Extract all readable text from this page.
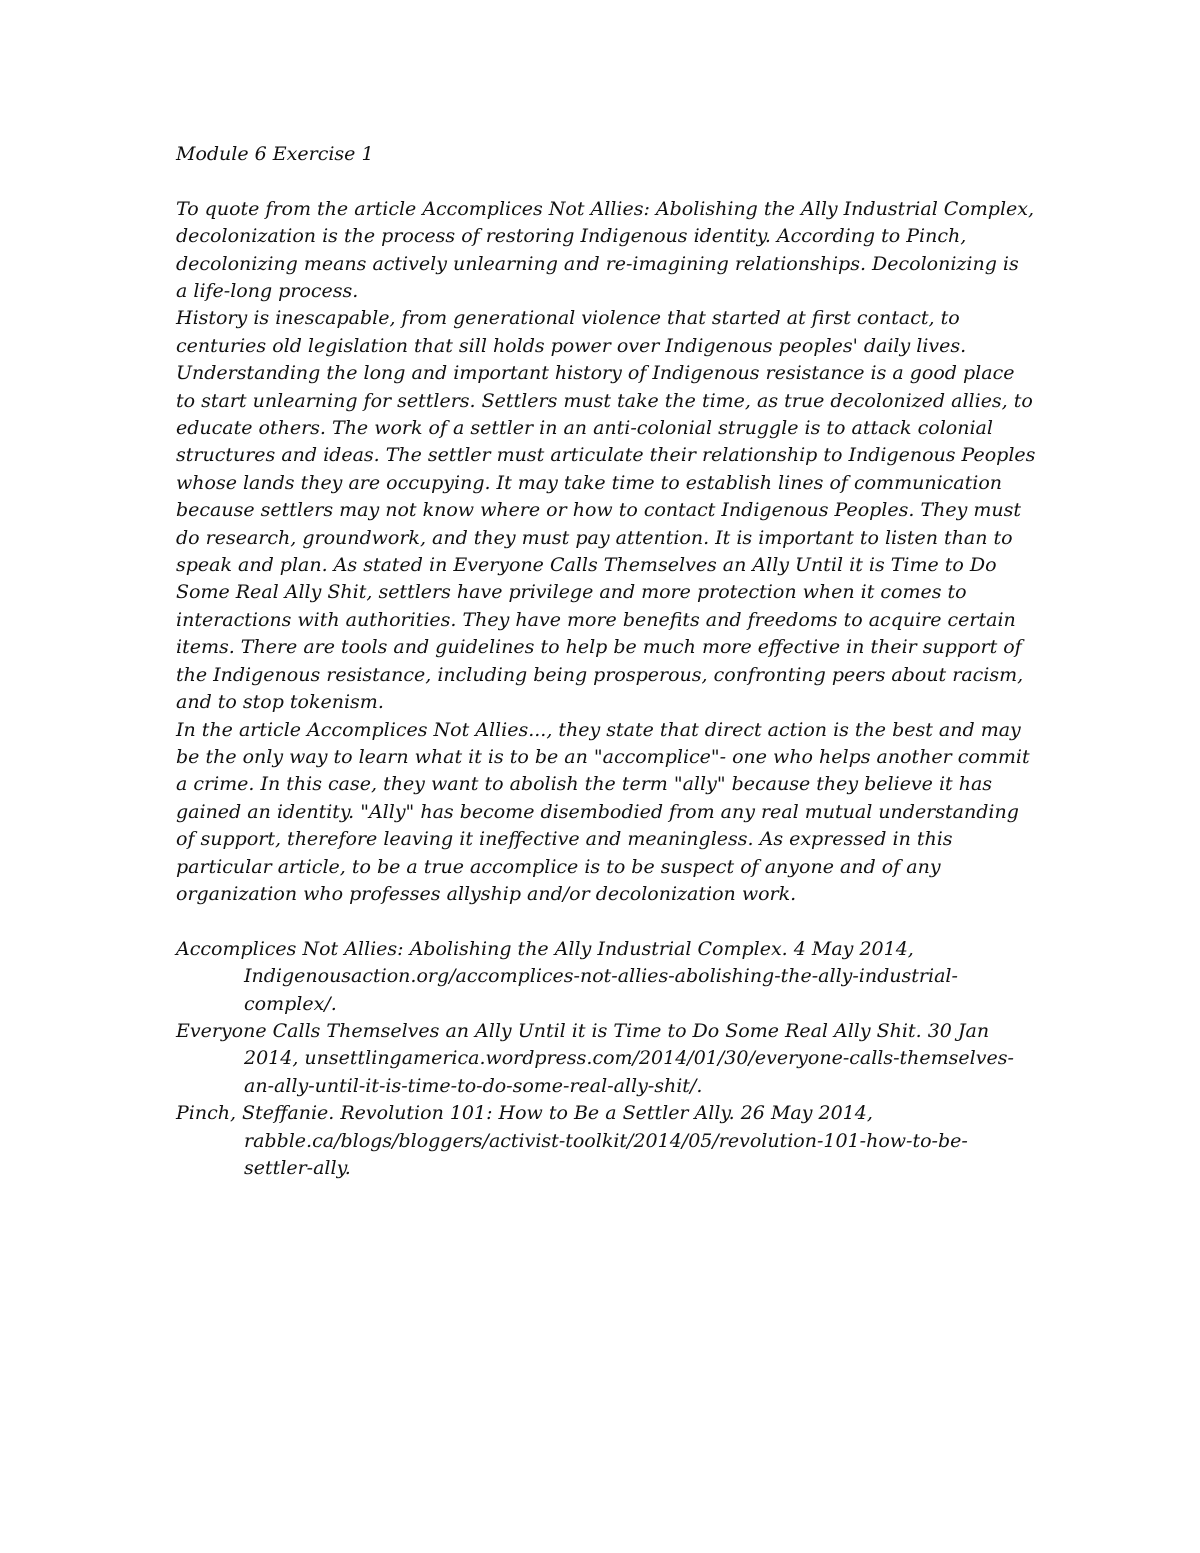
Module 6 Exercise 1

To quote from the article Accomplices Not Allies: Abolishing the Ally Industrial Complex, decolonization is the process of restoring Indigenous identity. According to Pinch, decolonizing means actively unlearning and re-imagining relationships. Decolonizing is a life-long process.

History is inescapable, from generational violence that started at first contact, to centuries old legislation that sill holds power over Indigenous peoples' daily lives. Understanding the long and important history of Indigenous resistance is a good place to start unlearning for settlers. Settlers must take the time, as true decolonized allies, to educate others. The work of a settler in an anti-colonial struggle is to attack colonial structures and ideas. The settler must articulate their relationship to Indigenous Peoples whose lands they are occupying. It may take time to establish lines of communication because settlers may not know where or how to contact Indigenous Peoples. They must do research, groundwork, and they must pay attention. It is important to listen than to speak and plan. As stated in Everyone Calls Themselves an Ally Until it is Time to Do Some Real Ally Shit, settlers have privilege and more protection when it comes to interactions with authorities. They have more benefits and freedoms to acquire certain items. There are tools and guidelines to help be much more effective in their support of the Indigenous resistance, including being prosperous, confronting peers about racism, and to stop tokenism.

In the article Accomplices Not Allies..., they state that direct action is the best and may be the only way to learn what it is to be an "accomplice"- one who helps another commit a crime. In this case, they want to abolish the term "ally" because they believe it has gained an identity. "Ally" has become disembodied from any real mutual understanding of support, therefore leaving it ineffective and meaningless. As expressed in this particular article, to be a true accomplice is to be suspect of anyone and of any organization who professes allyship and/or decolonization work.

Accomplices Not Allies: Abolishing the Ally Industrial Complex. 4 May 2014, Indigenousaction.org/accomplices-not-allies-abolishing-the-ally-industrial-complex/.

Everyone Calls Themselves an Ally Until it is Time to Do Some Real Ally Shit. 30 Jan 2014, unsettlingamerica.wordpress.com/2014/01/30/everyone-calls-themselves-an-ally-until-it-is-time-to-do-some-real-ally-shit/.

Pinch, Steffanie. Revolution 101: How to Be a Settler Ally. 26 May 2014, rabble.ca/blogs/bloggers/activist-toolkit/2014/05/revolution-101-how-to-be-settler-ally.
